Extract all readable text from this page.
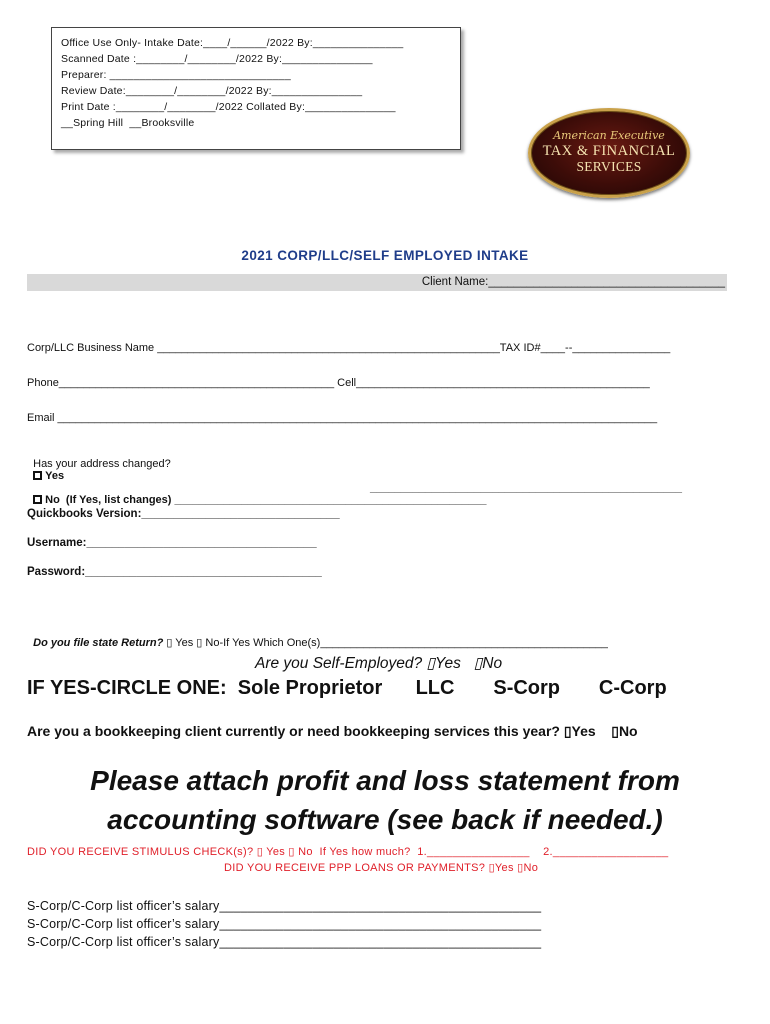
Office Use Only- Intake Date:____/______/2022 By:_______________
Scanned Date :________/________/2022 By:_______________
Preparer: ______________________________
Review Date:________/________/2022 By:_______________
Print Date :________/________/2022 Collated By:_______________
__Spring Hill  __Brooksville
American Executive
TAX & FINANCIAL
SERVICES
2021 CORP/LLC/SELF EMPLOYED INTAKE
Client Name:_____________________________________
Corp/LLC Business Name ________________________________________________________TAX ID#____--________________
Phone_____________________________________________ Cell________________________________________________
Email __________________________________________________________________________________________________

Has your address changed?
Yes

No  (If Yes, list changes) ___________________________________________________

___________________________________________________
Quickbooks Version:_______________________________
Username:____________________________________
Password:_____________________________________

Do you file state Return? ▯ Yes ▯ No-If Yes Which One(s)_______________________________________________

Are you Self-Employed? ▯Yes   ▯No
IF YES-CIRCLE ONE:  Sole Proprietor      LLC       S-Corp       C-Corp
Are you a bookkeeping client currently or need bookkeeping services this year? ▯Yes    ▯No
Please attach profit and loss statement from
accounting software (see back if needed.)
DID YOU RECEIVE STIMULUS CHECK(s)? ▯ Yes ▯ No  If Yes how much?  1.________________    2.__________________
DID YOU RECEIVE PPP LOANS OR PAYMENTS? ▯Yes ▯No
S-Corp/C-Corp list officer’s salary_____________________________________________
S-Corp/C-Corp list officer’s salary_____________________________________________
S-Corp/C-Corp list officer’s salary_____________________________________________
